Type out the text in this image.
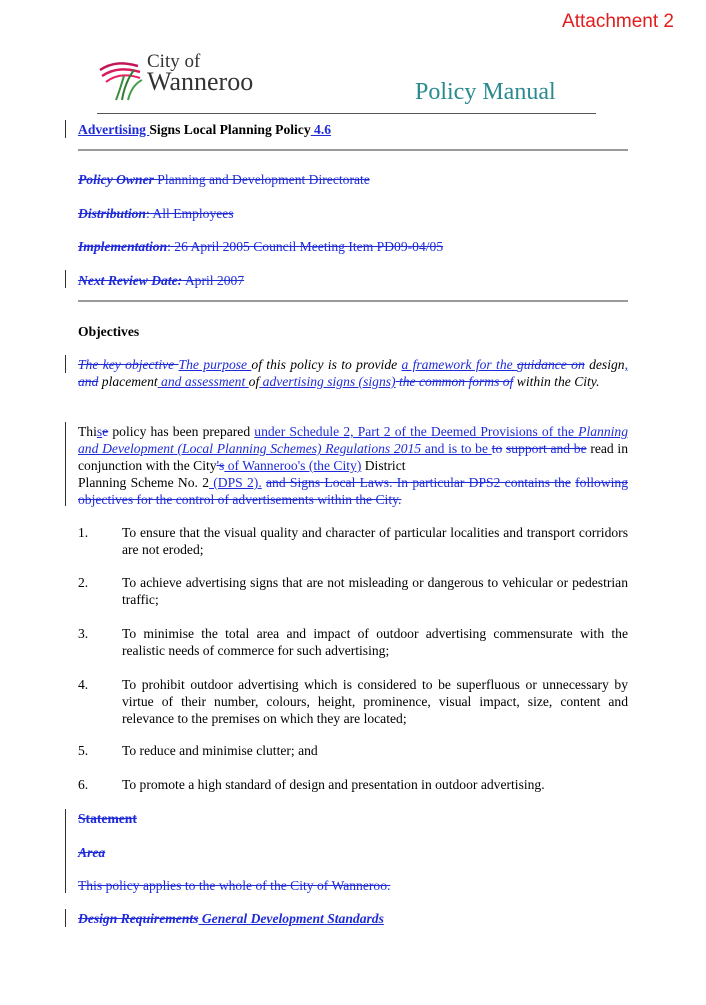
Attachment 2
City of
Wanneroo	Policy Manual
Advertising Signs Local Planning Policy 4.6
Policy Owner Planning and Development Directorate
Distribution: All Employees
Implementation: 26 April 2005 Council Meeting Item PD09-04/05
Next Review Date: April 2007
Objectives
The key objective The purpose of this policy is to provide a framework for the guidance on design, and placement and assessment of advertising signs (signs) the common forms of within the City.
Thise policy has been prepared under Schedule 2, Part 2 of the Deemed Provisions of the Planning and Development (Local Planning Schemes) Regulations 2015 and is to be to support and be read in conjunction with the City's of Wanneroo's (the City) District
Planning Scheme No. 2 (DPS 2). and Signs Local Laws. In particular DPS2 contains the following objectives for the control of advertisements within the City.
1. To ensure that the visual quality and character of particular localities and transport corridors are not eroded;
2. To achieve advertising signs that are not misleading or dangerous to vehicular or pedestrian traffic;
3. To minimise the total area and impact of outdoor advertising commensurate with the realistic needs of commerce for such advertising;
4. To prohibit outdoor advertising which is considered to be superfluous or unnecessary by virtue of their number, colours, height, prominence, visual impact, size, content and relevance to the premises on which they are located;
5. To reduce and minimise clutter; and
6. To promote a high standard of design and presentation in outdoor advertising.
Statement
Area
This policy applies to the whole of the City of Wanneroo.
Design Requirements General Development Standards
